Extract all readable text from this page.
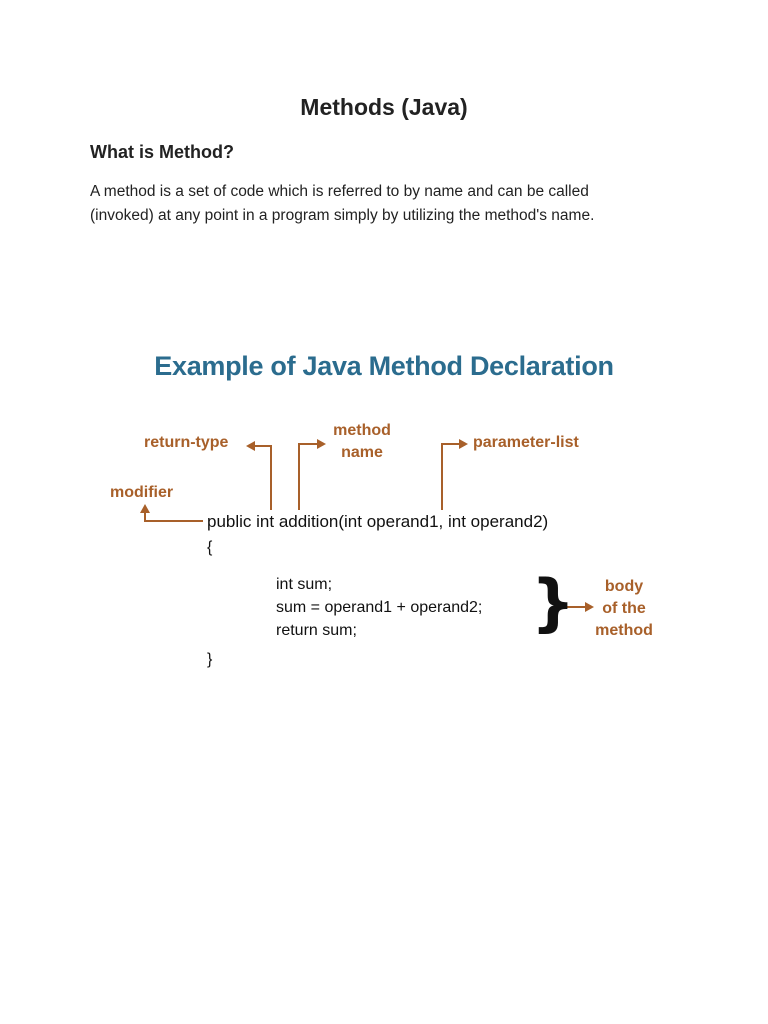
Methods (Java)
What is Method?
A method is a set of code which is referred to by name and can be called
(invoked) at any point in a program simply by utilizing the method's name.
Example of Java Method Declaration
return-type
method
name
parameter-list
modifier
body
of the
method
public int addition(int operand1, int operand2)
{
int sum;
sum = operand1 + operand2;
return sum;
}
}
